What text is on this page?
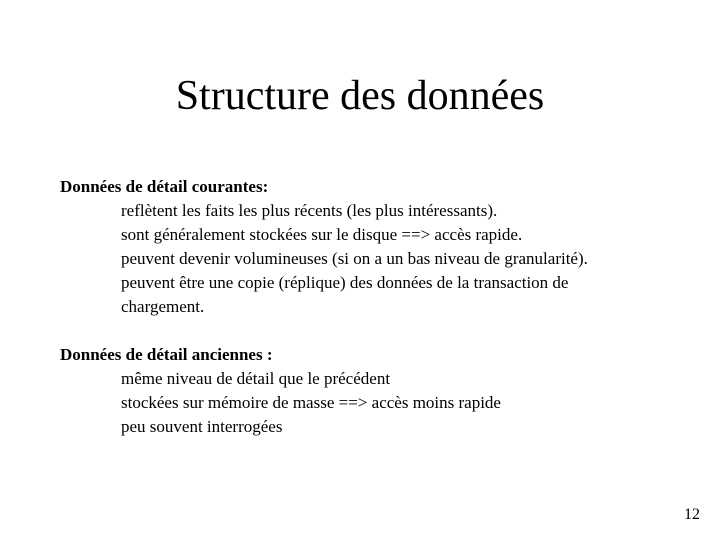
Structure des données
Données de détail courantes:
reflètent les faits les plus récents (les plus intéressants).
sont généralement stockées sur le disque ==> accès rapide.
peuvent devenir volumineuses (si on a un bas niveau de granularité).
peuvent être une copie (réplique) des données de la transaction de
chargement.
Données de détail anciennes :
même niveau de détail que le précédent
stockées sur mémoire de masse ==> accès moins rapide
peu souvent interrogées
12
